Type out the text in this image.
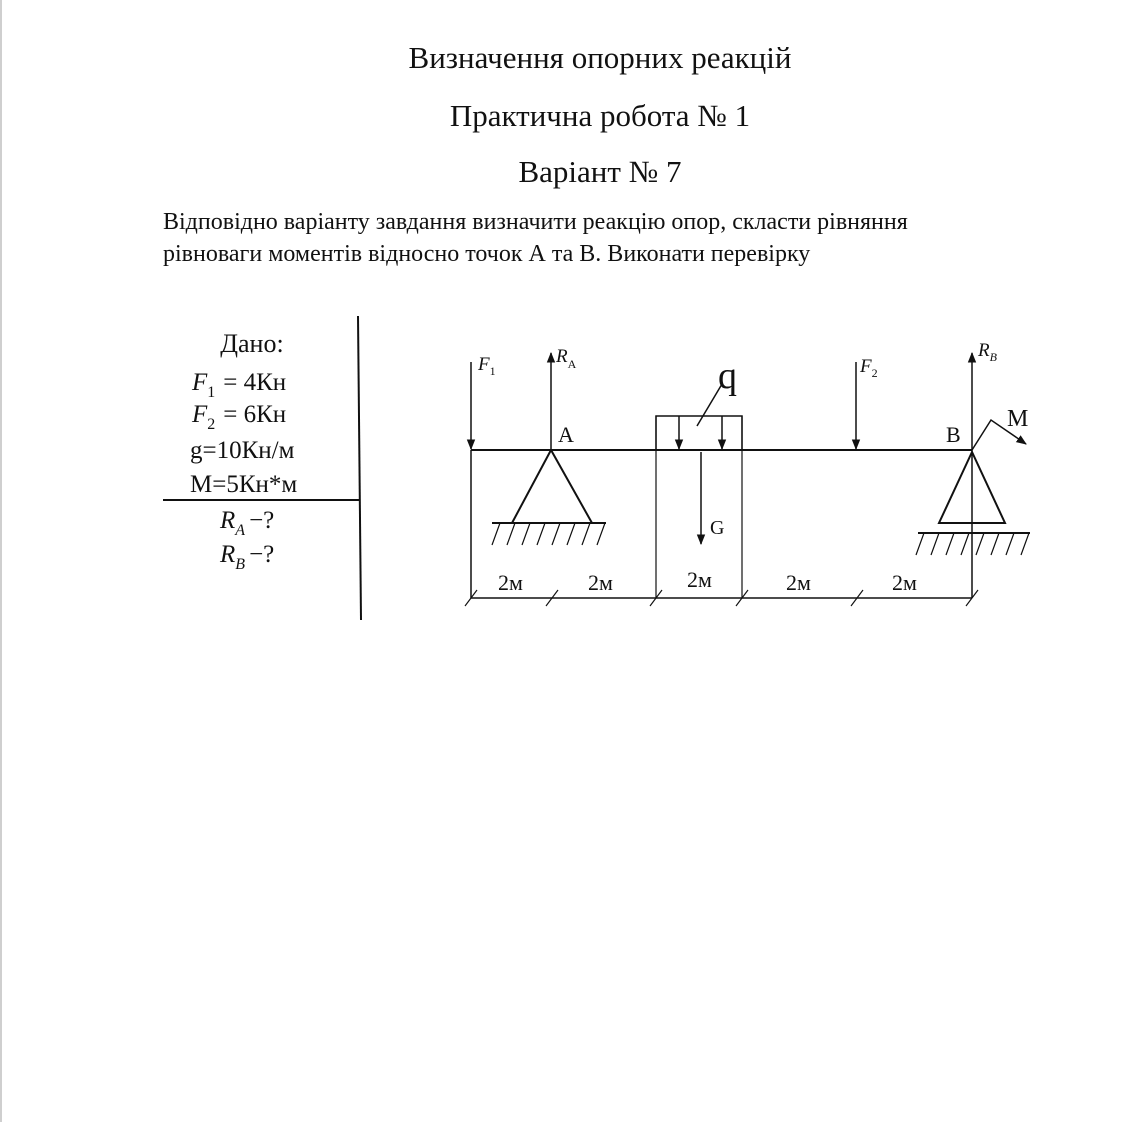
Визначення опорних реакцій
Практична робота № 1
Варіант № 7

Відповідно варіанту завдання визначити реакцію опор, скласти рівняння
рівноваги моментів відносно точок А та В. Виконати перевірку

Дано:
$F_1 = 4Кн$
$F_2 = 6Кн$
g=10Кн/м
M=5Кн*м
$R_A$ −?
$R_B$ −?
$F_1$
$R_A$	q	$F_2$
$R_B$
A	B
M
G
2м	2м	2м	2м	2м
